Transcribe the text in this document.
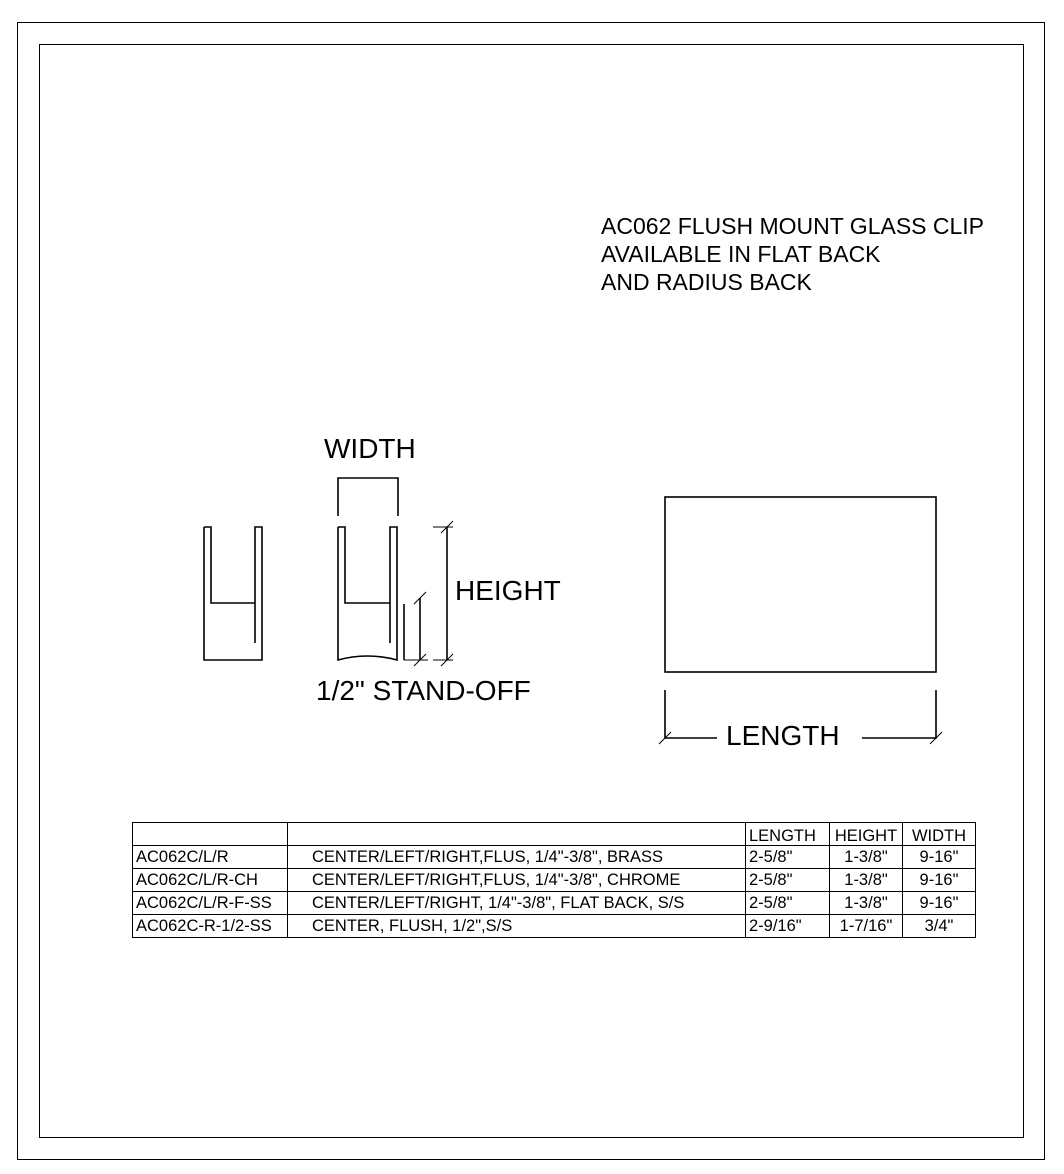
AC062 FLUSH MOUNT GLASS CLIP
AVAILABLE IN FLAT BACK
AND RADIUS BACK
WIDTH
HEIGHT
1/2" STAND-OFF
LENGTH
		LENGTH	HEIGHT	WIDTH
AC062C/L/R	CENTER/LEFT/RIGHT,FLUS, 1/4"-3/8", BRASS	2-5/8"	1-3/8"	9-16"
AC062C/L/R-CH	CENTER/LEFT/RIGHT,FLUS, 1/4"-3/8", CHROME	2-5/8"	1-3/8"	9-16"
AC062C/L/R-F-SS	CENTER/LEFT/RIGHT, 1/4"-3/8", FLAT BACK, S/S	2-5/8"	1-3/8"	9-16"
AC062C-R-1/2-SS	CENTER, FLUSH, 1/2",S/S	2-9/16"	1-7/16"	3/4"
